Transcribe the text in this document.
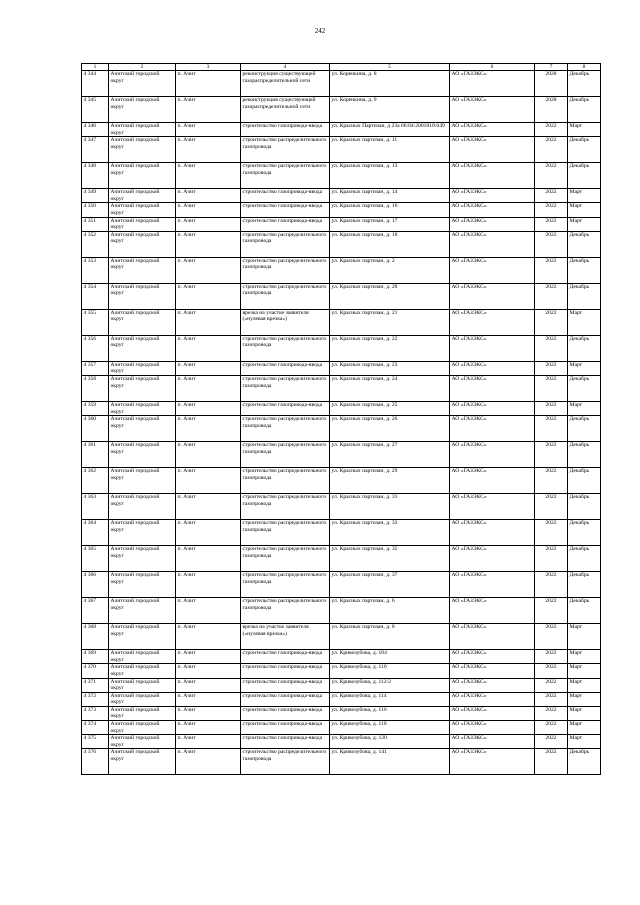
242
1	2	3	4	5	6	7	8
4 344	Ачитский городской округ	п. Ачит	реконструкция существующей газораспределительной сети	ул. Коренкина, д. 8	АО «ГАЗЭКС»	2028	Декабрь
4 345	Ачитский городской округ	п. Ачит	реконструкция существующей газораспределительной сети	ул. Коренкина, д. 9	АО «ГАЗЭКС»	2028	Декабрь
4 346	Ачитский городской округ	п. Ачит	строительство газопровода-ввода	ул. Красных Партизан, д 23а 66:04:2001010:649	АО «ГАЗЭКС»	2022	Март
4 347	Ачитский городской округ	п. Ачит	строительство распределительного газопровода	ул. Красных партизан, д. 11	АО «ГАЗЭКС»	2022	Декабрь
4 348	Ачитский городской округ	п. Ачит	строительство распределительного газопровода	ул. Красных партизан, д. 13	АО «ГАЗЭКС»	2022	Декабрь
4 349	Ачитский городской округ	п. Ачит	строительство газопровода-ввода	ул. Красных партизан, д. 14	АО «ГАЗЭКС»	2022	Март
4 350	Ачитский городской округ	п. Ачит	строительство газопровода-ввода	ул. Красных партизан, д. 16	АО «ГАЗЭКС»	2022	Март
4 351	Ачитский городской округ	п. Ачит	строительство газопровода-ввода	ул. Красных партизан, д. 17	АО «ГАЗЭКС»	2022	Март
4 352	Ачитский городской округ	п. Ачит	строительство распределительного газопровода	ул. Красных партизан, д. 18	АО «ГАЗЭКС»	2022	Декабрь
4 353	Ачитский городской округ	п. Ачит	строительство распределительного газопровода	ул. Красных партизан, д. 2	АО «ГАЗЭКС»	2022	Декабрь
4 354	Ачитский городской округ	п. Ачит	строительство распределительного газопровода	ул. Красных партизан, д. 20	АО «ГАЗЭКС»	2022	Декабрь
4 355	Ачитский городской округ	п. Ачит	врезка на участке заявителя («нулевая врезка»)	ул. Красных партизан, д. 21	АО «ГАЗЭКС»	2022	Март
4 356	Ачитский городской округ	п. Ачит	строительство распределительного газопровода	ул. Красных партизан, д. 22	АО «ГАЗЭКС»	2022	Декабрь
4 357	Ачитский городской округ	п. Ачит	строительство газопровода-ввода	ул. Красных партизан, д. 23	АО «ГАЗЭКС»	2022	Март
4 358	Ачитский городской округ	п. Ачит	строительство распределительного газопровода	ул. Красных партизан, д. 24	АО «ГАЗЭКС»	2022	Декабрь
4 359	Ачитский городской округ	п. Ачит	строительство газопровода-ввода	ул. Красных партизан, д. 25	АО «ГАЗЭКС»	2022	Март
4 360	Ачитский городской округ	п. Ачит	строительство распределительного газопровода	ул. Красных партизан, д. 26	АО «ГАЗЭКС»	2022	Декабрь
4 361	Ачитский городской округ	п. Ачит	строительство распределительного газопровода	ул. Красных партизан, д. 27	АО «ГАЗЭКС»	2022	Декабрь
4 362	Ачитский городской округ	п. Ачит	строительство распределительного газопровода	ул. Красных партизан, д. 29	АО «ГАЗЭКС»	2022	Декабрь
4 363	Ачитский городской округ	п. Ачит	строительство распределительного газопровода	ул. Красных партизан, д. 31	АО «ГАЗЭКС»	2022	Декабрь
4 364	Ачитский городской округ	п. Ачит	строительство распределительного газопровода	ул. Красных партизан, д. 33	АО «ГАЗЭКС»	2022	Декабрь
4 365	Ачитский городской округ	п. Ачит	строительство распределительного газопровода	ул. Красных партизан, д. 35	АО «ГАЗЭКС»	2022	Декабрь
4 366	Ачитский городской округ	п. Ачит	строительство распределительного газопровода	ул. Красных партизан, д. 37	АО «ГАЗЭКС»	2022	Декабрь
4 367	Ачитский городской округ	п. Ачит	строительство распределительного газопровода	ул. Красных партизан, д. 6	АО «ГАЗЭКС»	2022	Декабрь
4 368	Ачитский городской округ	п. Ачит	врезка на участке заявителя («нулевая врезка»)	ул. Красных партизан, д. 8	АО «ГАЗЭКС»	2022	Март
4 369	Ачитский городской округ	п. Ачит	строительство газопровода-ввода	ул. Кривозубова, д. 104	АО «ГАЗЭКС»	2022	Март
4 370	Ачитский городской округ	п. Ачит	строительство газопровода-ввода	ул. Кривозубова, д. 110	АО «ГАЗЭКС»	2022	Март
4 371	Ачитский городской округ	п. Ачит	строительство газопровода-ввода	ул. Кривозубова, д. 112/2	АО «ГАЗЭКС»	2022	Март
4 372	Ачитский городской округ	п. Ачит	строительство газопровода-ввода	ул. Кривозубова, д. 114	АО «ГАЗЭКС»	2022	Март
4 373	Ачитский городской округ	п. Ачит	строительство газопровода-ввода	ул. Кривозубова, д. 116	АО «ГАЗЭКС»	2022	Март
4 374	Ачитский городской округ	п. Ачит	строительство газопровода-ввода	ул. Кривозубова, д. 118	АО «ГАЗЭКС»	2022	Март
4 375	Ачитский городской округ	п. Ачит	строительство газопровода-ввода	ул. Кривозубова, д. 120	АО «ГАЗЭКС»	2022	Март
4 376	Ачитский городской округ	п. Ачит	строительство распределительного газопровода	ул. Кривозубова, д. 141	АО «ГАЗЭКС»	2022	Декабрь
